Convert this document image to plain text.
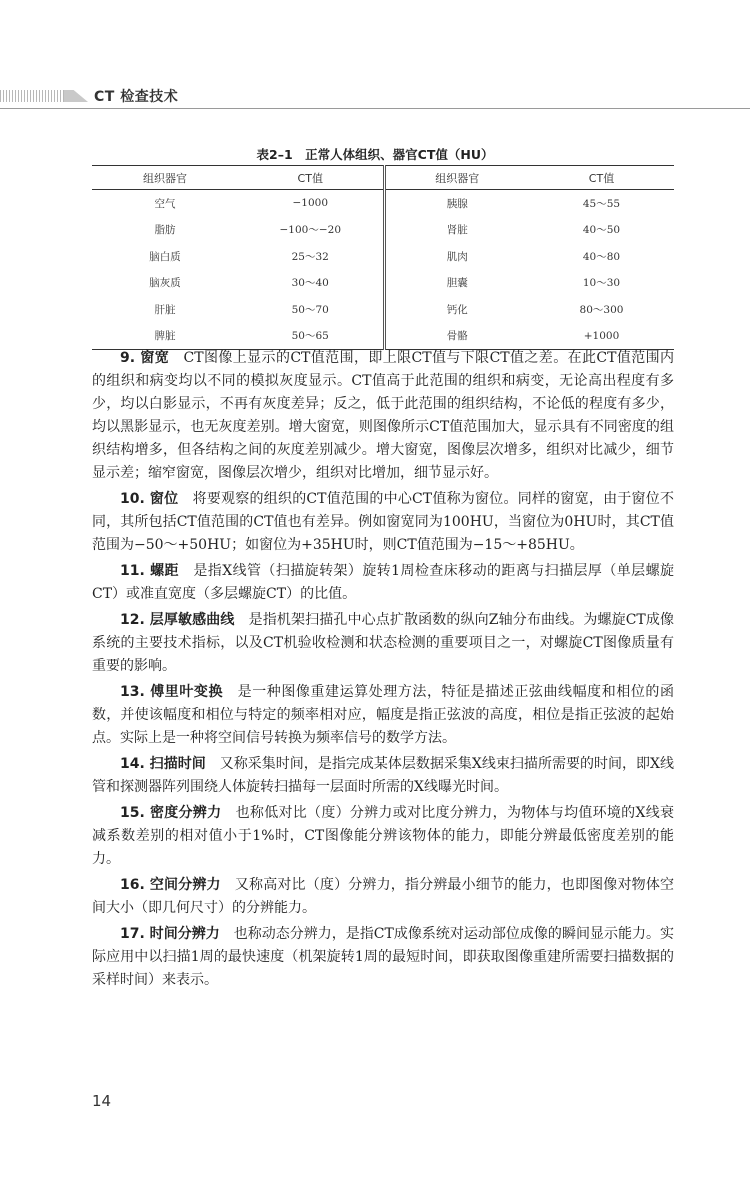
CT 检查技术
表2–1　正常人体组织、器官CT值（HU）
组织器官	CT值	组织器官	CT值
空气	−1000	胰腺	45～55
脂肪	−100～−20	肾脏	40～50
脑白质	25～32	肌肉	40～80
脑灰质	30～40	胆囊	10～30
肝脏	50～70	钙化	80～300
脾脏	50～65	骨骼	+1000

9. 窗宽　 CT图像上显示的CT值范围，即上限CT值与下限CT值之差。在此CT值范围内的组织和病变均以不同的模拟灰度显示。CT值高于此范围的组织和病变，无论高出程度有多少，均以白影显示，不再有灰度差异；反之，低于此范围的组织结构，不论低的程度有多少，均以黑影显示，也无灰度差别。增大窗宽，则图像所示CT值范围加大，显示具有不同密度的组织结构增多，但各结构之间的灰度差别减少。增大窗宽，图像层次增多，组织对比减少，细节显示差；缩窄窗宽，图像层次增少，组织对比增加，细节显示好。

10. 窗位　 将要观察的组织的CT值范围的中心CT值称为窗位。同样的窗宽，由于窗位不同，其所包括CT值范围的CT值也有差异。例如窗宽同为100HU，当窗位为0HU时，其CT值范围为−50～+50HU；如窗位为+35HU时，则CT值范围为−15～+85HU。

11. 螺距　 是指X线管（扫描旋转架）旋转1周检查床移动的距离与扫描层厚（单层螺旋CT）或准直宽度（多层螺旋CT）的比值。

12. 层厚敏感曲线　 是指机架扫描孔中心点扩散函数的纵向Z轴分布曲线。为螺旋CT成像系统的主要技术指标，以及CT机验收检测和状态检测的重要项目之一，对螺旋CT图像质量有重要的影响。

13. 傅里叶变换　 是一种图像重建运算处理方法，特征是描述正弦曲线幅度和相位的函数，并使该幅度和相位与特定的频率相对应，幅度是指正弦波的高度，相位是指正弦波的起始点。实际上是一种将空间信号转换为频率信号的数学方法。

14. 扫描时间　 又称采集时间，是指完成某体层数据采集X线束扫描所需要的时间，即X线管和探测器阵列围绕人体旋转扫描每一层面时所需的X线曝光时间。

15. 密度分辨力　 也称低对比（度）分辨力或对比度分辨力，为物体与均值环境的X线衰减系数差别的相对值小于1%时，CT图像能分辨该物体的能力，即能分辨最低密度差别的能力。

16. 空间分辨力　 又称高对比（度）分辨力，指分辨最小细节的能力，也即图像对物体空间大小（即几何尺寸）的分辨能力。

17. 时间分辨力　 也称动态分辨力，是指CT成像系统对运动部位成像的瞬间显示能力。实际应用中以扫描1周的最快速度（机架旋转1周的最短时间，即获取图像重建所需要扫描数据的采样时间）来表示。

14
